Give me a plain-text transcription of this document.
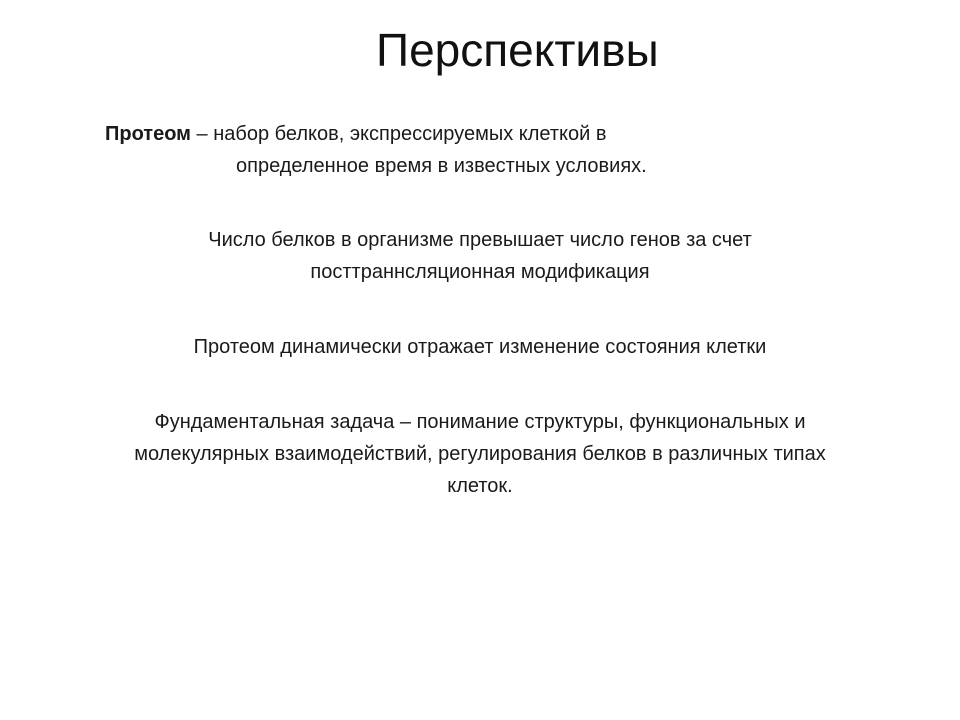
Перспективы
Протеом – набор белков, экспрессируемых клеткой в
определенное время в известных условиях.
Число белков в организме превышает число генов за счет
посттраннсляционная модификация
Протеом динамически отражает изменение состояния клетки
Фундаментальная задача – понимание структуры, функциональных и
молекулярных взаимодействий, регулирования белков в различных типах
клеток.
